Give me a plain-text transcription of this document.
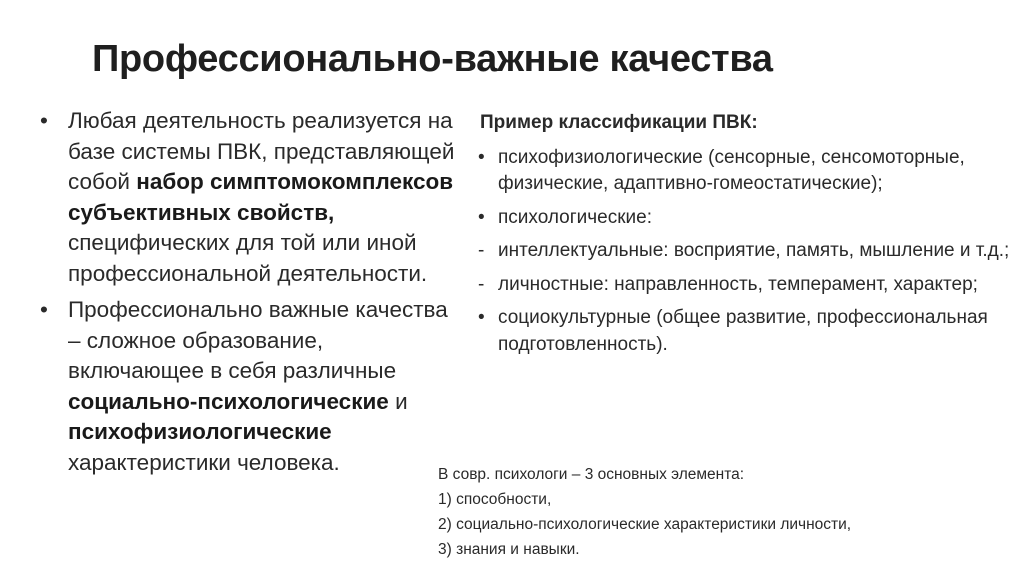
Профессионально-важные качества
• Любая деятельность реализуется на базе системы ПВК, представляющей собой набор симптомокомплексов субъективных свойств, специфических для той или иной профессиональной деятельности.
• Профессионально важные качества – сложное образование, включающее в себя различные социально-психологические и психофизиологические характеристики человека.
Пример классификации ПВК:
• психофизиологические (сенсорные, сенсомоторные, физические, адаптивно-гомеостатические);
• психологические:
- интеллектуальные: восприятие, память, мышление и т.д.;
- личностные: направленность, темперамент, характер;
• социокультурные (общее развитие, профессиональная подготовленность).
В совр. психологи – 3 основных элемента:
1) способности,
2) социально-психологические характеристики личности,
3) знания и навыки.
